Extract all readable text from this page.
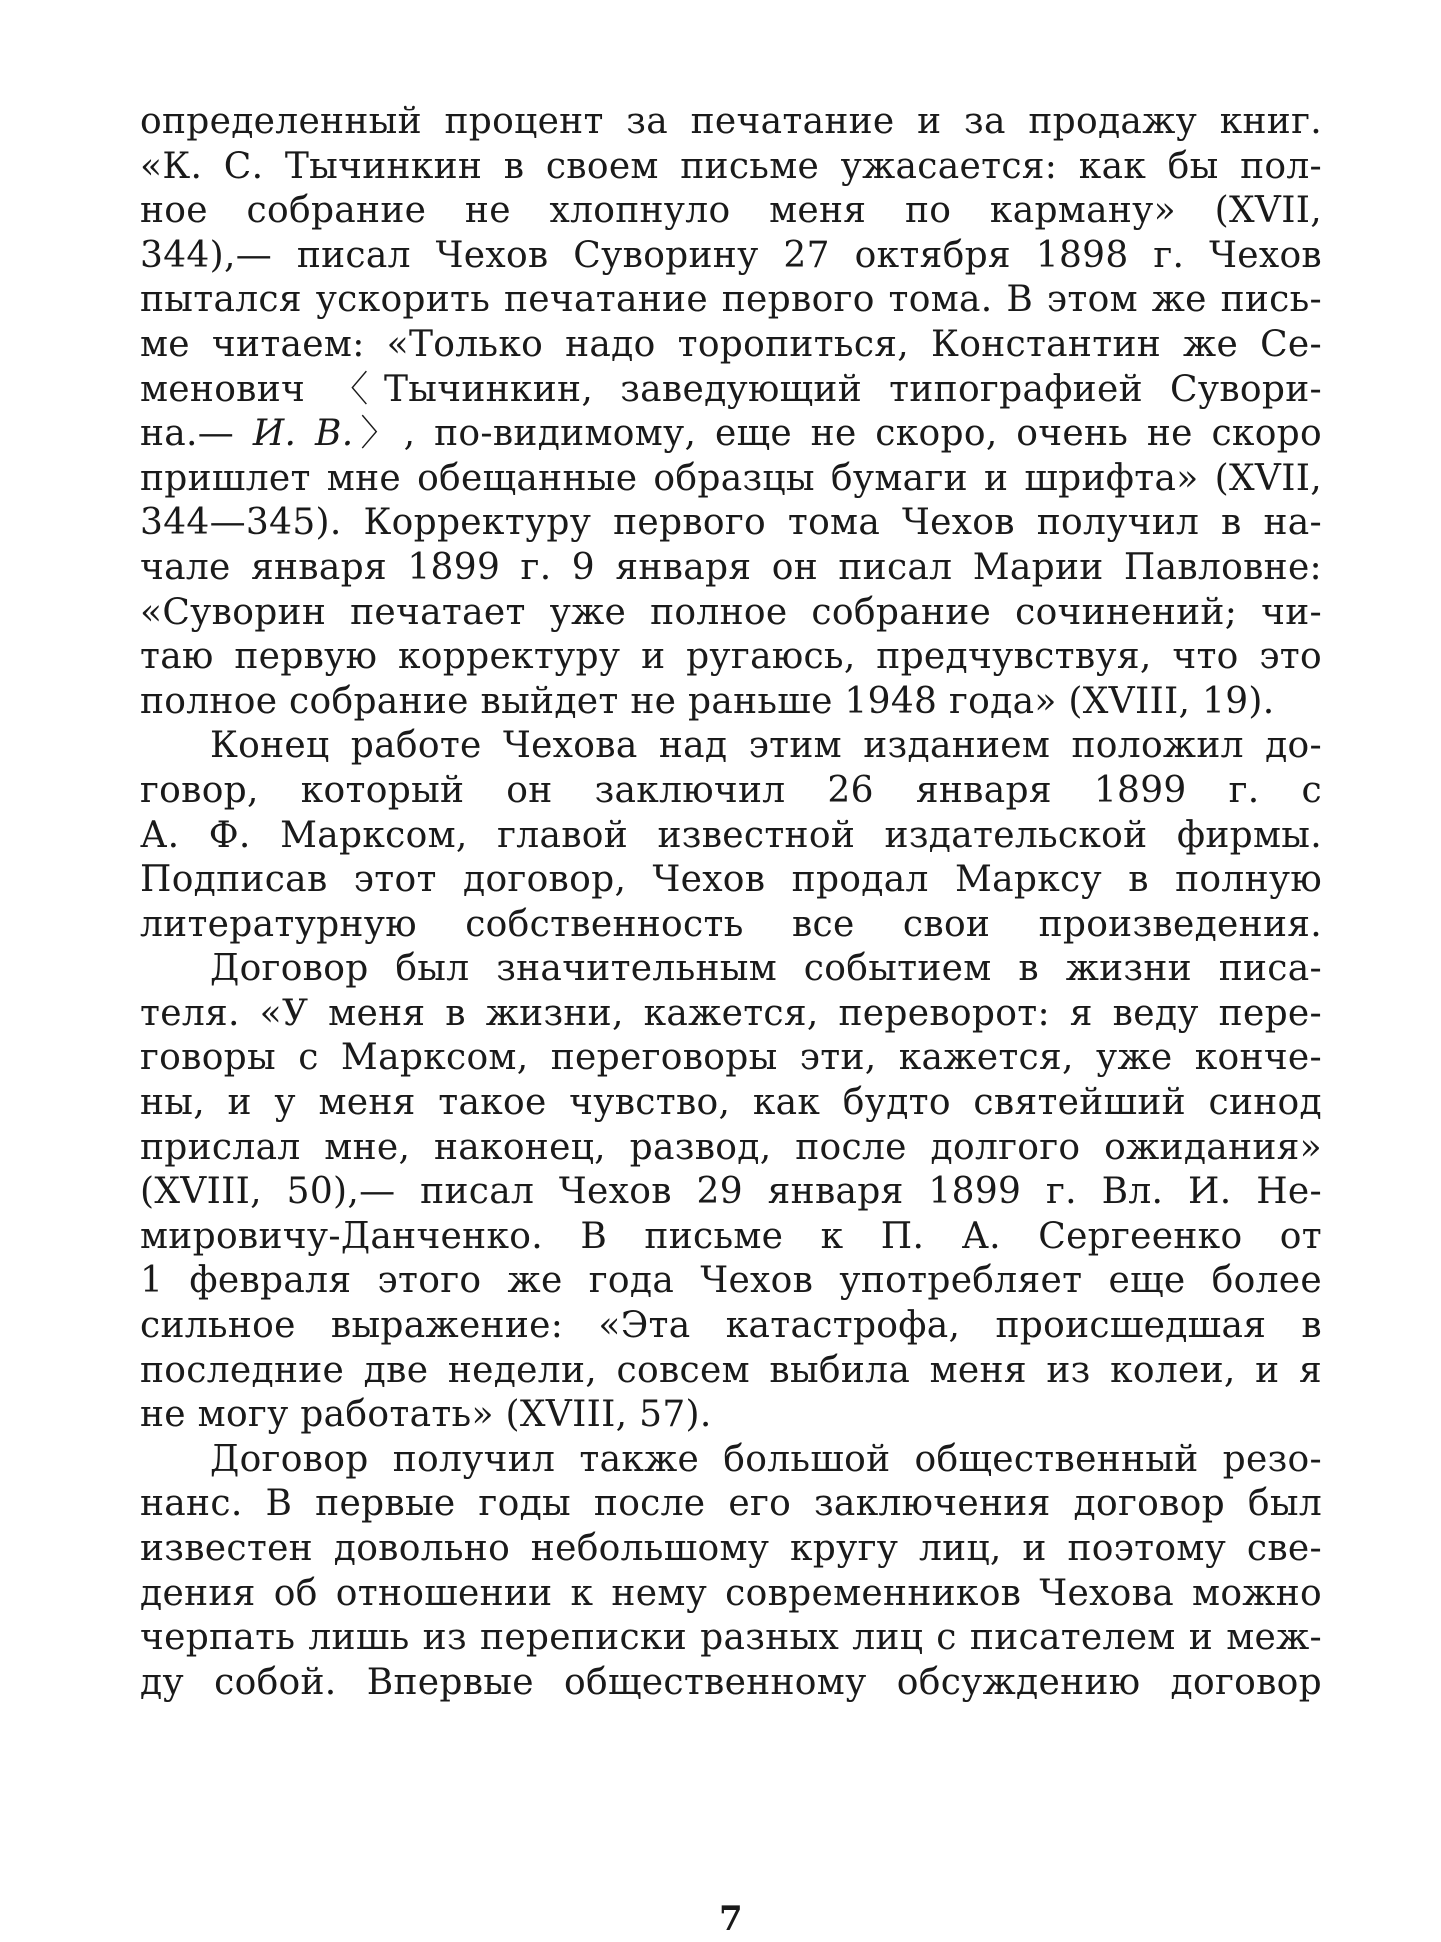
определенный процент за печатание и за продажу книг.
«К. С. Тычинкин в своем письме ужасается: как бы пол-
ное собрание не хлопнуло меня по карману» (XVII,
344),— писал Чехов Суворину 27 октября 1898 г. Чехов
пытался ускорить печатание первого тома. В этом же пись-
ме читаем: «Только надо торопиться, Константин же Се-
менович 〈Тычинкин, заведующий типографией Сувори-
на.— И. В.〉, по-видимому, еще не скоро, очень не скоро
пришлет мне обещанные образцы бумаги и шрифта» (XVII,
344—345). Корректуру первого тома Чехов получил в на-
чале января 1899 г. 9 января он писал Марии Павловне:
«Суворин печатает уже полное собрание сочинений; чи-
таю первую корректуру и ругаюсь, предчувствуя, что это
полное собрание выйдет не раньше 1948 года» (XVIII, 19).
Конец работе Чехова над этим изданием положил до-
говор, который он заключил 26 января 1899 г. с
А. Ф. Марксом, главой известной издательской фирмы.
Подписав этот договор, Чехов продал Марксу в полную
литературную собственность все свои произведения.
Договор был значительным событием в жизни писа-
теля. «У меня в жизни, кажется, переворот: я веду пере-
говоры с Марксом, переговоры эти, кажется, уже конче-
ны, и у меня такое чувство, как будто святейший синод
прислал мне, наконец, развод, после долгого ожидания»
(XVIII, 50),— писал Чехов 29 января 1899 г. Вл. И. Не-
мировичу-Данченко. В письме к П. А. Сергеенко от
1 февраля этого же года Чехов употребляет еще более
сильное выражение: «Эта катастрофа, происшедшая в
последние две недели, совсем выбила меня из колеи, и я
не могу работать» (XVIII, 57).
Договор получил также большой общественный резо-
нанс. В первые годы после его заключения договор был
известен довольно небольшому кругу лиц, и поэтому све-
дения об отношении к нему современников Чехова можно
черпать лишь из переписки разных лиц с писателем и меж-
ду собой. Впервые общественному обсуждению договор
7
